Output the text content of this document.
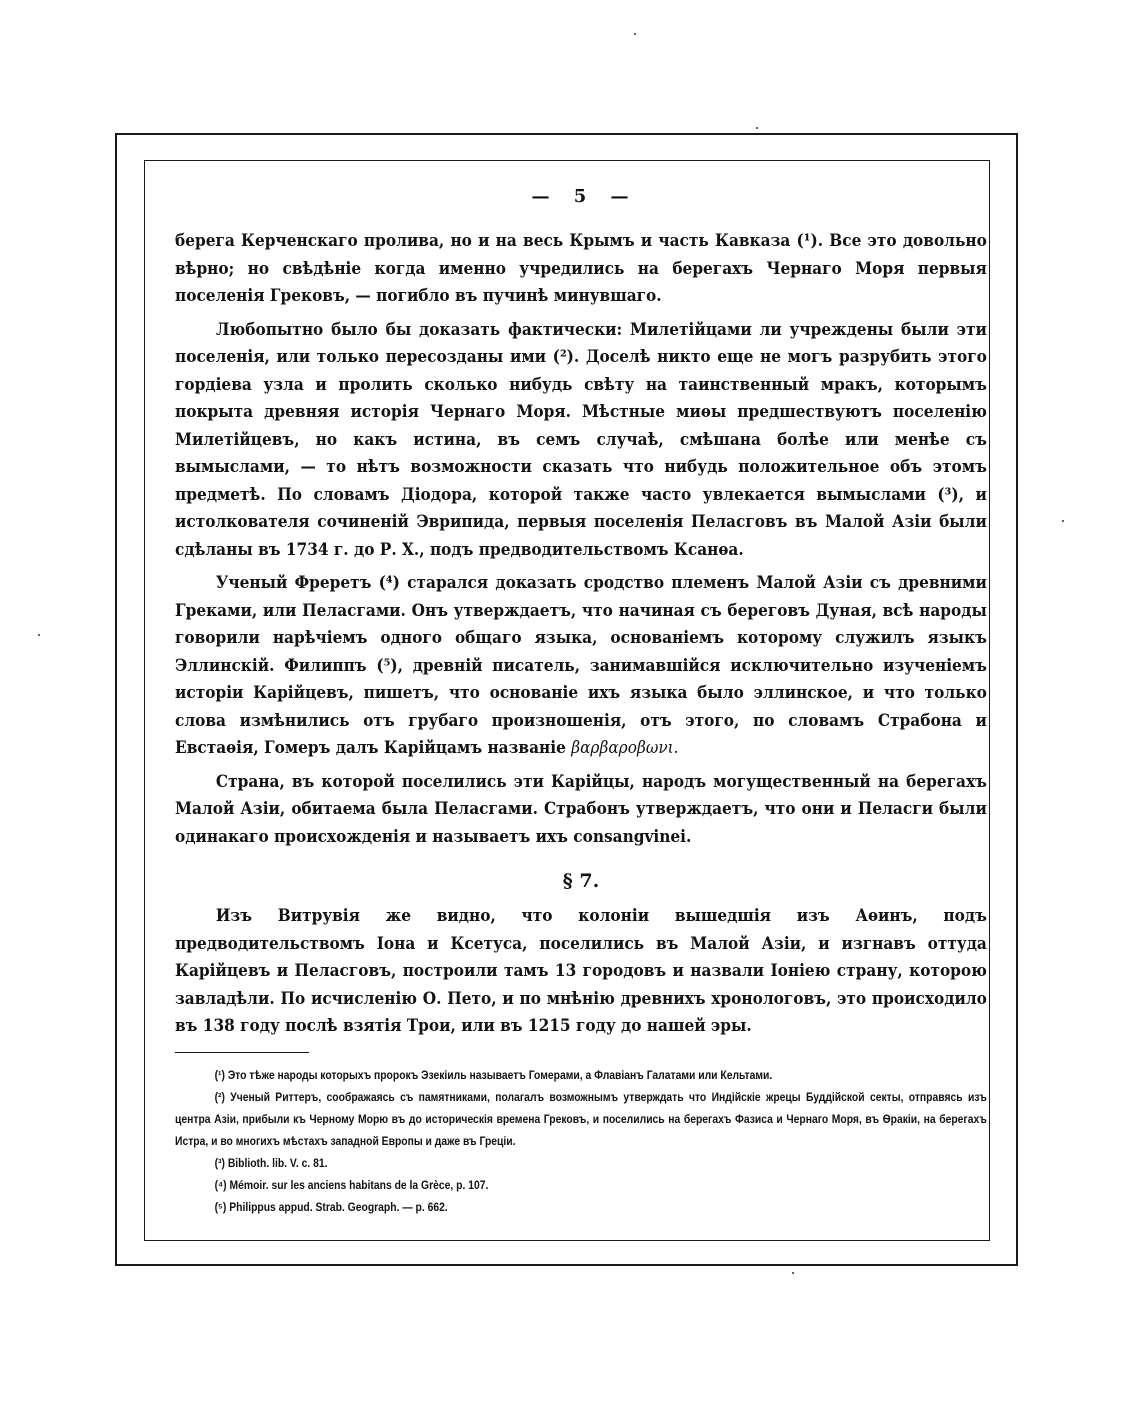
— 5 —

берега Керченскаго пролива, но и на весь Крымъ и часть Кавказа (¹). Все это довольно вѣрно; но свѣдѣніе когда именно учредились на берегахъ Чернаго Моря первыя поселенія Грековъ, — погибло въ пучинѣ минувшаго.

Любопытно было бы доказать фактически: Милетійцами ли учреждены были эти поселенія, или только пересозданы ими (²). Доселѣ никто еще не могъ разрубить этого гордіева узла и пролить сколько нибудь свѣту на таинственный мракъ, которымъ покрыта древняя исторія Чернаго Моря. Мѣстные миѳы предшествуютъ поселенію Милетійцевъ, но какъ истина, въ семъ случаѣ, смѣшана болѣе или менѣе съ вымыслами, — то нѣтъ возможности сказать что нибудь положительное объ этомъ предметѣ. По словамъ Діодора, которой также часто увлекается вымыслами (³), и истолкователя сочиненій Эврипида, первыя поселенія Пеласговъ въ Малой Азіи были сдѣланы въ 1734 г. до Р. Х., подъ предводительствомъ Ксанѳа.

Ученый Фреретъ (⁴) старался доказать сродство племенъ Малой Азіи съ древними Греками, или Пеласгами. Онъ утверждаетъ, что начиная съ береговъ Дуная, всѣ народы говорили нарѣчіемъ одного общаго языка, основаніемъ которому служилъ языкъ Эллинскій. Филиппъ (⁵), древній писатель, занимавшійся исключительно изученіемъ исторіи Карійцевъ, пишетъ, что основаніе ихъ языка было эллинское, и что только слова измѣнились отъ грубаго произношенія, отъ этого, по словамъ Страбона и Евстаѳія, Гомеръ далъ Карійцамъ названіе βαρβαρoβωνι.

Страна, въ которой поселились эти Карійцы, народъ могущественный на берегахъ Малой Азіи, обитаема была Пеласгами. Страбонъ утверждаетъ, что они и Пеласги были одинакаго происхожденія и называетъ ихъ consangvinei.

§ 7.

Изъ Витрувія же видно, что колоніи вышедшія изъ Аѳинъ, подъ предводительствомъ Іона и Ксетуса, поселились въ Малой Азіи, и изгнавъ оттуда Карійцевъ и Пеласговъ, построили тамъ 13 городовъ и назвали Іоніею страну, которою завладѣли. По исчисленію О. Пето, и по мнѣнію древнихъ хронологовъ, это происходило въ 138 году послѣ взятія Трои, или въ 1215 году до нашей эры.

(¹) Это тѣже народы которыхъ пророкъ Эзекіиль называетъ Гомерами, а Флавіанъ Галатами или Кельтами.

(²) Ученый Риттеръ, соображаясь съ памятниками, полагалъ возможнымъ утверждать что Индійскіе жрецы Буддійской секты, отправясь изъ центра Азіи, прибыли къ Черному Морю въ до историческія времена Грековъ, и поселились на берегахъ Фазиса и Чернаго Моря, въ Ѳракіи, на берегахъ Истра, и во многихъ мѣстахъ западной Европы и даже въ Греціи.

(³) Biblioth. lib. V. c. 81.

(⁴) Mémoir. sur les anciens habitans de la Grèce, p. 107.

(⁵) Philippus appud. Strab. Geograph. — p. 662.
